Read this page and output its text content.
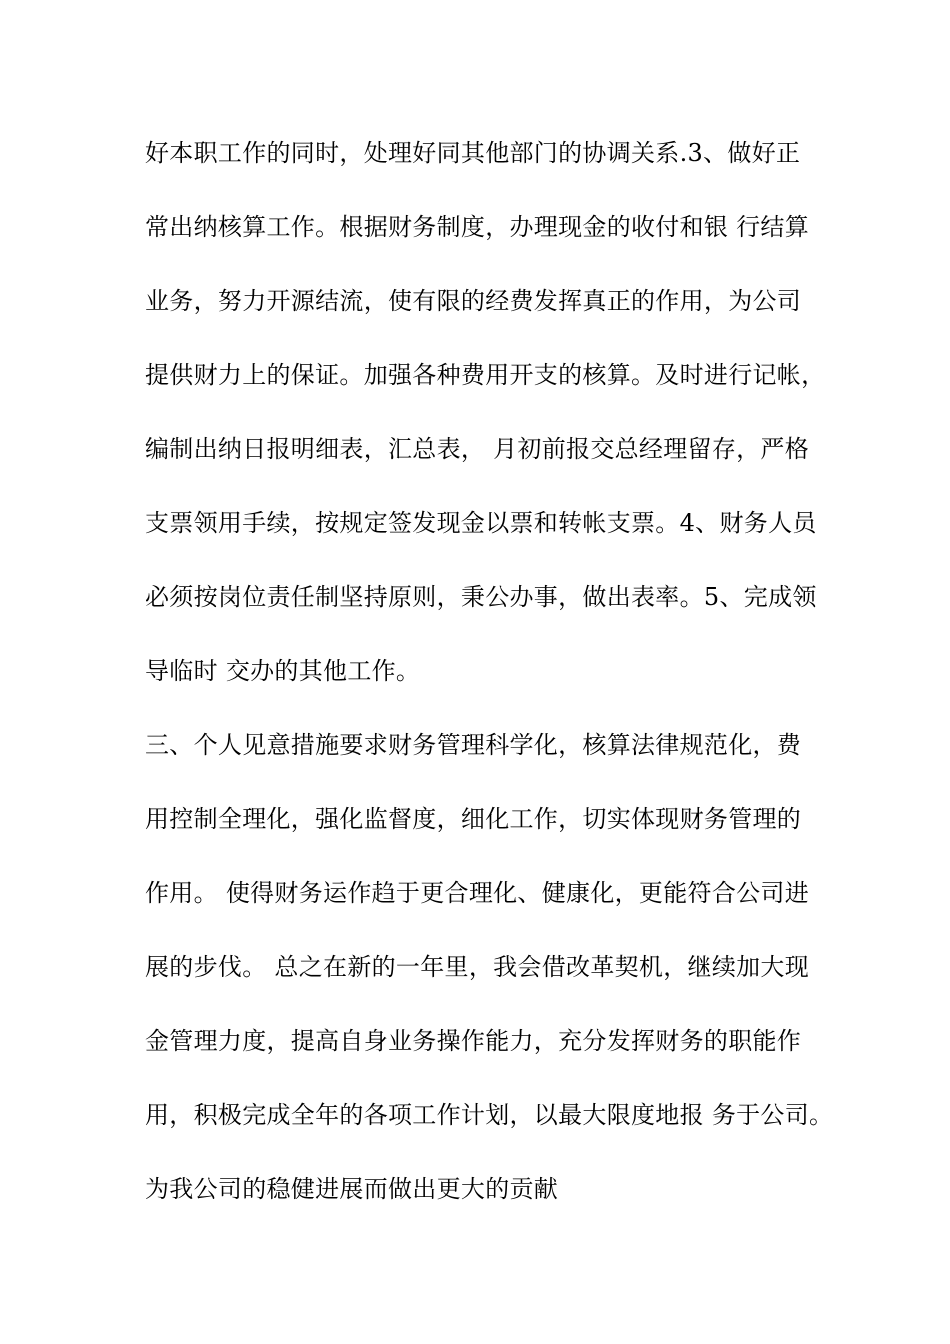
好本职工作的同时，处理好同其他部门的协调关系.3、做好正
常出纳核算工作。根据财务制度，办理现金的收付和银 行结算
业务，努力开源结流，使有限的经费发挥真正的作用，为公司
提供财力上的保证。加强各种费用开支的核算。及时进行记帐，
编制出纳日报明细表，汇总表， 月初前报交总经理留存，严格
支票领用手续，按规定签发现金以票和转帐支票。4、财务人员
必须按岗位责任制坚持原则，秉公办事，做出表率。5、完成领
导临时 交办的其他工作。
三、个人见意措施要求财务管理科学化，核算法律规范化，费
用控制全理化，强化监督度，细化工作，切实体现财务管理的
作用。 使得财务运作趋于更合理化、健康化，更能符合公司进
展的步伐。 总之在新的一年里，我会借改革契机，继续加大现
金管理力度，提高自身业务操作能力，充分发挥财务的职能作
用，积极完成全年的各项工作计划，以最大限度地报 务于公司。
为我公司的稳健进展而做出更大的贡献
